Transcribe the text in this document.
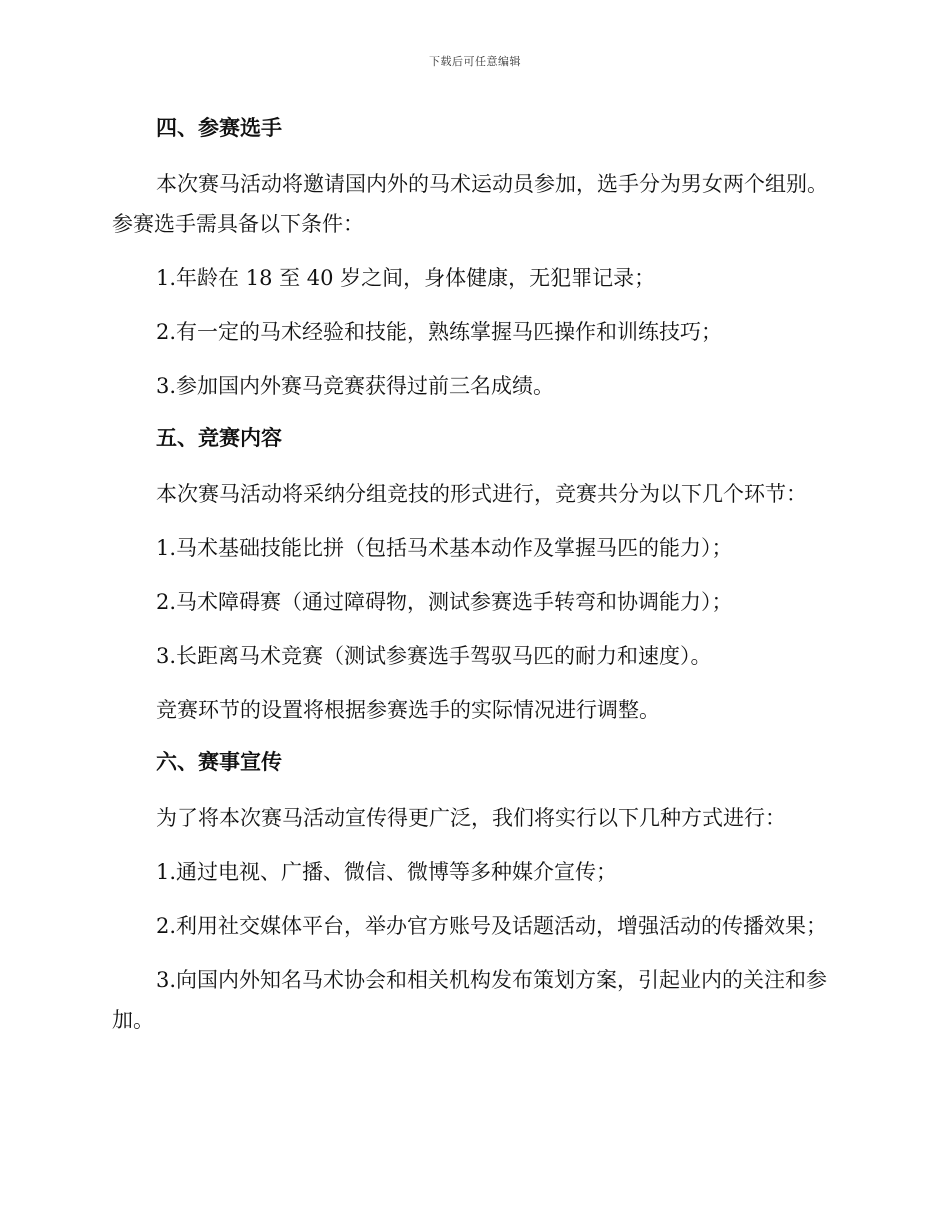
下载后可任意编辑
四、参赛选手

本次赛马活动将邀请国内外的马术运动员参加，选手分为男女两个组别。参赛选手需具备以下条件：

1.年龄在 18 至 40 岁之间，身体健康，无犯罪记录；

2.有一定的马术经验和技能，熟练掌握马匹操作和训练技巧；

3.参加国内外赛马竞赛获得过前三名成绩。

五、竞赛内容

本次赛马活动将采纳分组竞技的形式进行，竞赛共分为以下几个环节：

1.马术基础技能比拼（包括马术基本动作及掌握马匹的能力）；

2.马术障碍赛（通过障碍物，测试参赛选手转弯和协调能力）；

3.长距离马术竞赛（测试参赛选手驾驭马匹的耐力和速度）。

竞赛环节的设置将根据参赛选手的实际情况进行调整。

六、赛事宣传

为了将本次赛马活动宣传得更广泛，我们将实行以下几种方式进行：

1.通过电视、广播、微信、微博等多种媒介宣传；

2.利用社交媒体平台，举办官方账号及话题活动，增强活动的传播效果；

3.向国内外知名马术协会和相关机构发布策划方案，引起业内的关注和参加。
